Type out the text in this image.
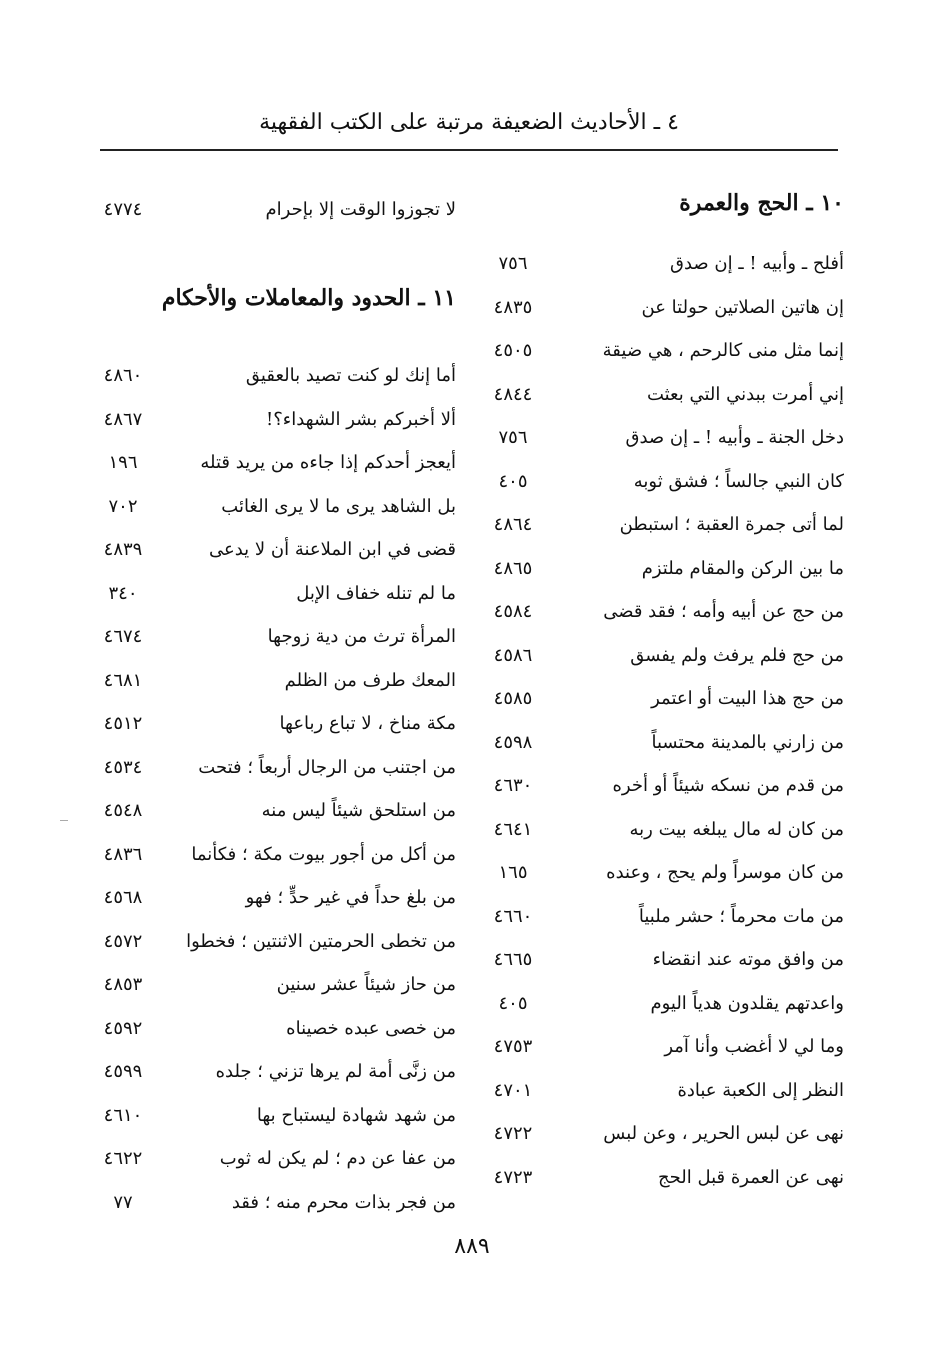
٤ ـ الأحاديث الضعيفة مرتبة على الكتب الفقهية
١٠ ـ الحج والعمرة
أفلح ـ وأبيه ! ـ إن صدق
٧٥٦
إن هاتين الصلاتين حولتا عن
٤٨٣٥
إنما مثل منى كالرحم ، هي ضيقة
٤٥٠٥
إني أمرت ببدني التي بعثت
٤٨٤٤
دخل الجنة ـ وأبيه ! ـ إن صدق
٧٥٦
كان النبي جالساً ؛ فشق ثوبه
٤٠٥
لما أتى جمرة العقبة ؛ استبطن
٤٨٦٤
ما بين الركن والمقام ملتزم
٤٨٦٥
من حج عن أبيه وأمه ؛ فقد قضى
٤٥٨٤
من حج فلم يرفث ولم يفسق
٤٥٨٦
من حج هذا البيت أو اعتمر
٤٥٨٥
من زارني بالمدينة محتسباً
٤٥٩٨
من قدم من نسكه شيئاً أو أخره
٤٦٣٠
من كان له مال يبلغه بيت ربه
٤٦٤١
من كان موسراً ولم يحج ، وعنده
١٦٥
من مات محرماً ؛ حشر ملبياً
٤٦٦٠
من وافق موته عند انقضاء
٤٦٦٥
واعدتهم يقلدون هدياً اليوم
٤٠٥
وما لي لا أغضب وأنا آمر
٤٧٥٣
النظر إلى الكعبة عبادة
٤٧٠١
نهى عن لبس الحرير ، وعن لبس
٤٧٢٢
نهى عن العمرة قبل الحج
٤٧٢٣
لا تجوزوا الوقت إلا بإحرام
٤٧٧٤
١١ ـ الحدود والمعاملات والأحكام
أما إنك لو كنت تصيد بالعقيق
٤٨٦٠
ألا أخبركم بشر الشهداء؟!
٤٨٦٧
أيعجز أحدكم إذا جاءه من يريد قتله
١٩٦
بل الشاهد يرى ما لا يرى الغائب
٧٠٢
قضى في ابن الملاعنة أن لا يدعى
٤٨٣٩
ما لم تنله خفاف الإبل
٣٤٠
المرأة ترث من دية زوجها
٤٦٧٤
المعك طرف من الظلم
٤٦٨١
مكة مناخ ، لا تباع رباعها
٤٥١٢
من اجتنب من الرجال أربعاً ؛ فتحت
٤٥٣٤
من استلحق شيئاً ليس منه
٤٥٤٨
من أكل من أجور بيوت مكة ؛ فكأنما
٤٨٣٦
من بلغ حداً في غير حدٍّ ؛ فهو
٤٥٦٨
من تخطى الحرمتين الاثنتين ؛ فخطوا
٤٥٧٢
من حاز شيئاً عشر سنين
٤٨٥٣
من خصى عبده خصيناه
٤٥٩٢
من زنَّى أمة لم يرها تزني ؛ جلده
٤٥٩٩
من شهد شهادة ليستباح بها
٤٦١٠
من عفا عن دم ؛ لم يكن له ثوب
٤٦٢٢
من فجر بذات محرم منه ؛ فقد
٧٧
٨٨٩
